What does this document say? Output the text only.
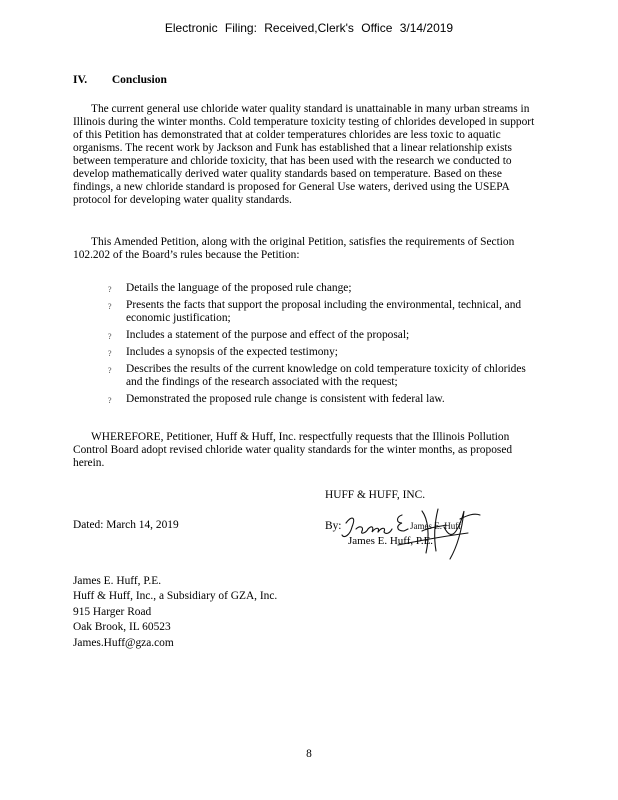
Electronic Filing: Received,Clerk's Office 3/14/2019
IV. Conclusion

The current general use chloride water quality standard is unattainable in many urban streams in Illinois during the winter months. Cold temperature toxicity testing of chlorides developed in support of this Petition has demonstrated that at colder temperatures chlorides are less toxic to aquatic organisms. The recent work by Jackson and Funk has established that a linear relationship exists between temperature and chloride toxicity, that has been used with the research we conducted to develop mathematically derived water quality standards based on temperature. Based on these findings, a new chloride standard is proposed for General Use waters, derived using the USEPA protocol for developing water quality standards.

This Amended Petition, along with the original Petition, satisfies the requirements of Section 102.202 of the Board’s rules because the Petition:

? Details the language of the proposed rule change;
? Presents the facts that support the proposal including the environmental, technical, and economic justification;
? Includes a statement of the purpose and effect of the proposal;
? Includes a synopsis of the expected testimony;
? Describes the results of the current knowledge on cold temperature toxicity of chlorides and the findings of the research associated with the request;
? Demonstrated the proposed rule change is consistent with federal law.

WHEREFORE, Petitioner, Huff & Huff, Inc. respectfully requests that the Illinois Pollution Control Board adopt revised chloride water quality standards for the winter months, as proposed herein.

HUFF & HUFF, INC.
Dated: March 14, 2019	By:	James E. Huff
James E. Huff, P.E.
James E. Huff, P.E.
Huff & Huff, Inc., a Subsidiary of GZA, Inc.
915 Harger Road
Oak Brook, IL 60523
James.Huff@gza.com
8
